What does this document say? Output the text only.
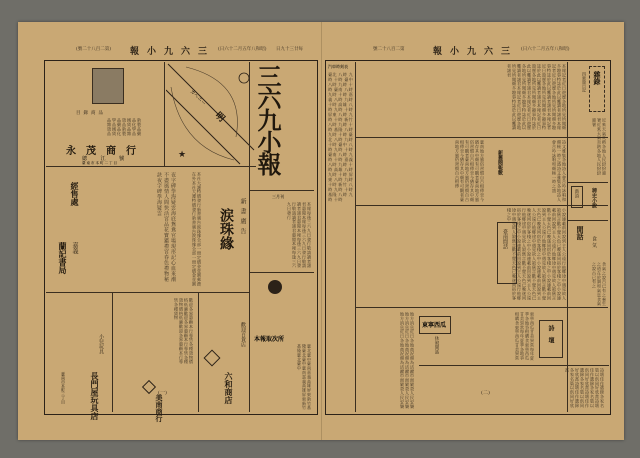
(號二十八百二第) 報小九六三 (日六十二月五年八和昭) 日九十三廿每
目錄商品
新製品藥品化學品國貨品雜貨品新製品藥品化學品國貨品雜貨品
永茂商行
總 江 號
臺南市本町二丁目
★
明
カヘニー 三六九小報
三月刊
本報每逢三六九日發行敬請讀者諸君惠閱本報每逢三六九日發行敬請讀者諸君惠閱本報每逢三六九日發行敬請讀者諸君惠閱本報每逢三六九日發行
夜字碑學海疑雲海底鴛鴦官場現形記心血來潮不盡風情人間快活宮品花寶鑑禮宮春色禮物秘訣夜字碑學海疑雲
經售處
蘭記書局 嘉義	本社大護特價發行新書廣告涙珠緣全部一冊定價金壹圓郵費在外本社大護特價發行新書廣告涙珠緣全部一冊定價金壹圓	涙珠緣 新書廣告
長門屋玩具店
小兒玩具
臺南市本町三丁目
美南商行
歡迎各界惠顧本行專售各種貨物價格低廉歡迎各界惠顧本行專售各種貨物價格低廉歡迎各界惠顧本行專售各種貨物
六和商店
歡迎百貨店 本報取次所
臺北臺中臺南嘉義高雄屏東新竹基隆臺北臺中臺南嘉義高雄屏東新竹基隆臺北臺中
(一)
號二十八百二第	報小九六三 (日六十二月五年八和昭)
汽車時刻表
臺北 八時 九時 十時 臺中 八時 九時 十時 臺南 八時 九時 十時 嘉義 八時 九時 十時 高雄 八時 九時 十時 屏東 八時 九時 十時 新竹 八時 九時 十時 基隆 八時 九時 十時 臺北 八時 九時 十時 臺中 八時 九時 十時 臺南 八時 九時 十時 嘉義 八時 九時 十時 高雄 八時 九時 十時 屏東 八時 九時 十時 新竹 八時 九時 十時 基隆 八時 九時 十時
本報記者近日遊歷各地所見所聞頗多趣事特誌於此以饗讀者諸君本報記者近日遊歷各地所見所聞頗多趣事特誌於此以饗讀者諸君本報記者近日遊歷各地所見所聞頗多趣事特誌於此以饗讀者諸君本報記者近日遊歷各地所見所聞頗多趣事特誌於此以饗讀者諸君本報記者近日遊歷各地所見所聞頗多趣事特誌於此以饗讀者諸君本報記者近日遊歷各地所見所聞頗多趣事特誌於此以饗讀者諸君
臺南地方風俗習慣自古相傳至今猶存其中頗有可觀者臺南地方風俗習慣自古相傳至今猶存其中頗有可觀者臺南地方風俗習慣自古相傳至今猶存其中頗有可觀者臺南地方風俗習慣自古相傳	新舊閱報數	詩文雅集各地詩人會合吟詠唱和頗極一時之盛詩文雅集各地詩人會合吟詠唱和頗極一時之盛
小說連載前回說到主人公遠行他鄉途中遇見故人敘舊言歡不覺天色已晚遂同宿於客棧之中小說連載前回說到主人公遠行他鄉途中遇見故人敘舊言歡不覺天色已晚遂同宿於客棧之中小說連載前回說到主人公遠行他鄉途中遇見故人敘舊言歡不覺天色已晚遂同宿於客棧之中小說連載前回說到主人公遠行他鄉途中遇見故人敘舊言歡不覺天色已晚遂同宿於客棧之中小說連載前回說到主人公遠行他鄉途中遇見故人敘舊言歡不覺天色已晚遂同宿於客棧之中小說連載前回說到主人公遠行他鄉途中遇見故人敘舊言歡不覺天色已晚遂同宿於客棧之中
臺南閒話
雜錄
四東遊日記
近來天氣炎熱各地人民紛紛避暑近來天氣炎熱各地人民紛紛避暑
新詩 稗史小說
閒話
食 気
食氣之說古已有之養生之道在於調和氣息食氣之說古已有之
東寧西瓜
休叙閒話
地方消息近日各地商況頗為活躍市面繁榮人民安樂地方消息近日各地商況頗為活躍市面繁榮人民安樂地方消息近日各地商況頗為活躍市面繁榮人民安樂	東寧西瓜甘美異常每年夏季各地爭相購食東寧西瓜甘美異常每年夏季各地爭相購食東寧西瓜甘美異常	詩壇
詩壇佳作選錄各家名篇以供同好欣賞詩壇佳作選錄各家名篇以供同好欣賞詩壇佳作選錄各家名篇以供同好欣賞詩壇佳作選錄各家名篇以供同好欣賞
(二)
